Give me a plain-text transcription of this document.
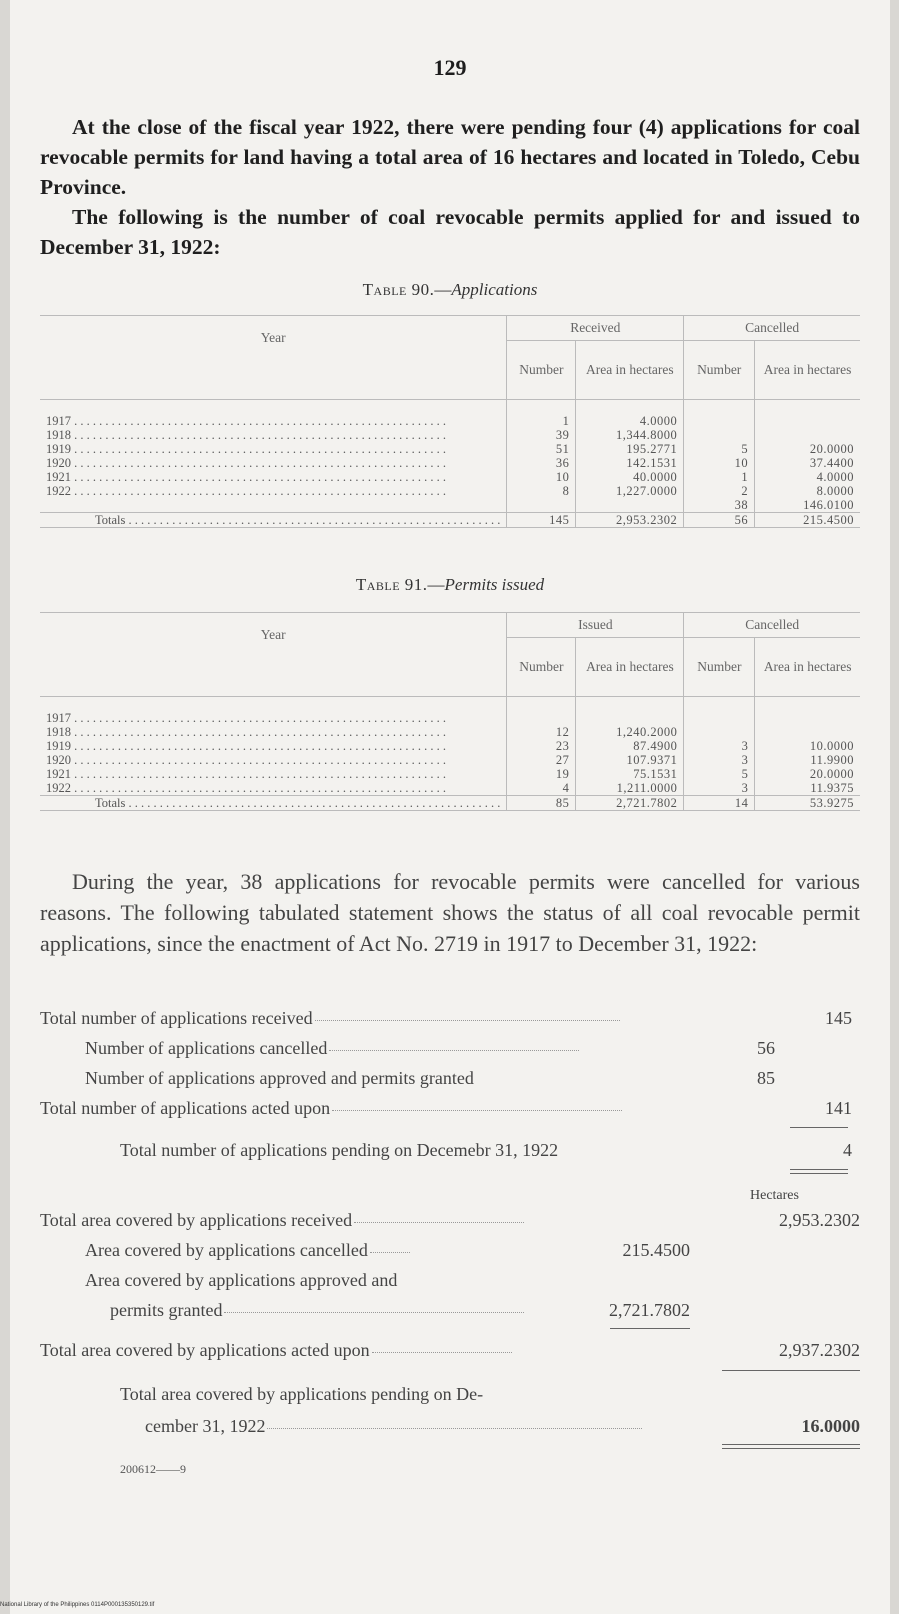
129
At the close of the fiscal year 1922, there were pending four (4) applications for coal revocable permits for land having a total area of 16 hectares and located in Toledo, Cebu Province.
The following is the number of coal revocable permits applied for and issued to December 31, 1922:
Table 90.—Applications
Year	Received		Cancelled	
	Number	Area in hectares	Number	Area in hectares

1917 . . . . . . . . . . . . . . . . . . . . . . . . . . . . . . . . . . . . . . . . . . . . . . . . . . . . . . . . . . . .	1	4.0000		
1918 . . . . . . . . . . . . . . . . . . . . . . . . . . . . . . . . . . . . . . . . . . . . . . . . . . . . . . . . . . . .	39	1,344.8000		
1919 . . . . . . . . . . . . . . . . . . . . . . . . . . . . . . . . . . . . . . . . . . . . . . . . . . . . . . . . . . . .	51	195.2771	5	20.0000
1920 . . . . . . . . . . . . . . . . . . . . . . . . . . . . . . . . . . . . . . . . . . . . . . . . . . . . . . . . . . . .	36	142.1531	10	37.4400
1921 . . . . . . . . . . . . . . . . . . . . . . . . . . . . . . . . . . . . . . . . . . . . . . . . . . . . . . . . . . . .	10	40.0000	1	4.0000
1922 . . . . . . . . . . . . . . . . . . . . . . . . . . . . . . . . . . . . . . . . . . . . . . . . . . . . . . . . . . . .	8	1,227.0000	2	8.0000
			38	146.0100
Totals . . . . . . . . . . . . . . . . . . . . . . . . . . . . . . . . . . . . . . . . . . . . . . . . . . . . . . . . . . . .	145	2,953.2302	56	215.4500
Table 91.—Permits issued
Year	Issued		Cancelled	
	Number	Area in hectares	Number	Area in hectares

1917 . . . . . . . . . . . . . . . . . . . . . . . . . . . . . . . . . . . . . . . . . . . . . . . . . . . . . . . . . . . .				
1918 . . . . . . . . . . . . . . . . . . . . . . . . . . . . . . . . . . . . . . . . . . . . . . . . . . . . . . . . . . . .	12	1,240.2000		
1919 . . . . . . . . . . . . . . . . . . . . . . . . . . . . . . . . . . . . . . . . . . . . . . . . . . . . . . . . . . . .	23	87.4900	3	10.0000
1920 . . . . . . . . . . . . . . . . . . . . . . . . . . . . . . . . . . . . . . . . . . . . . . . . . . . . . . . . . . . .	27	107.9371	3	11.9900
1921 . . . . . . . . . . . . . . . . . . . . . . . . . . . . . . . . . . . . . . . . . . . . . . . . . . . . . . . . . . . .	19	75.1531	5	20.0000
1922 . . . . . . . . . . . . . . . . . . . . . . . . . . . . . . . . . . . . . . . . . . . . . . . . . . . . . . . . . . . .	4	1,211.0000	3	11.9375
Totals . . . . . . . . . . . . . . . . . . . . . . . . . . . . . . . . . . . . . . . . . . . . . . . . . . . . . . . . . . . .	85	2,721.7802	14	53.9275
During the year, 38 applications for revocable permits were cancelled for various reasons. The following tabulated statement shows the status of all coal revocable permit applications, since the enactment of Act No. 2719 in 1917 to December 31, 1922:
Total number of applications received	145
Number of applications cancelled	56
Number of applications approved and permits granted	85
Total number of applications acted upon	141
Total number of applications pending on Decemebr 31, 1922	4
Hectares
Total area covered by applications received	2,953.2302
Area covered by applications cancelled	215.4500
Area covered by applications approved and
permits granted	2,721.7802
Total area covered by applications acted upon	2,937.2302
Total area covered by applications pending on De-
cember 31, 1922	16.0000
200612——9
National Library of the Philippines 0114P000135350129.tif
